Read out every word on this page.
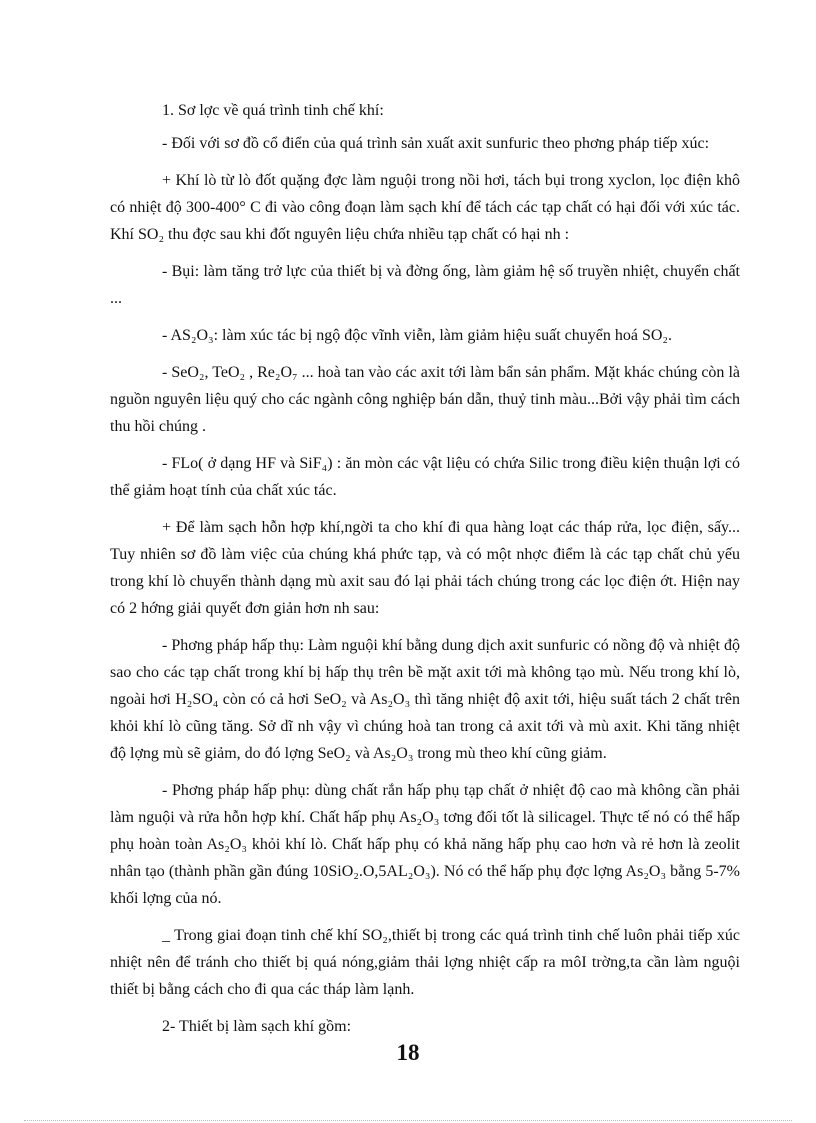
1. Sơ lợc về quá trình tinh chế khí:

- Đối với sơ đồ cổ điển của quá trình sản xuất axit sunfuric theo phơng pháp tiếp xúc:

+ Khí lò từ lò đốt quặng đợc làm nguội trong nồi hơi, tách bụi trong xyclon, lọc điện khô có nhiệt độ 300-400° C đi vào công đoạn làm sạch khí để tách các tạp chất có hại đối với xúc tác. Khí SO₂ thu đợc sau khi đốt nguyên liệu chứa nhiều tạp chất có hại nh :

- Bụi: làm tăng trở lực của thiết bị và đờng ống, làm giảm hệ số truyền nhiệt, chuyển chất ...

- AS₂O₃: làm xúc tác bị ngộ độc vĩnh viễn, làm giảm hiệu suất chuyển hoá SO₂.

- SeO₂, TeO₂ , Re₂O₇ ... hoà tan vào các axit tới làm bẩn sản phẩm. Mặt khác chúng còn là nguồn nguyên liệu quý cho các ngành công nghiệp bán dẫn, thuỷ tinh màu...Bởi vậy phải tìm cách thu hồi chúng .

- FLo( ở dạng HF và SiF₄) : ăn mòn các vật liệu có chứa Silic trong điều kiện thuận lợi có thể giảm hoạt tính của chất xúc tác.

+ Để làm sạch hỗn hợp khí,ngời ta cho khí đi qua hàng loạt các tháp rửa, lọc điện, sấy... Tuy nhiên sơ đồ làm việc của chúng khá phức tạp, và có một nhợc điểm là các tạp chất chủ yếu trong khí lò chuyển thành dạng mù axit sau đó lại phải tách chúng trong các lọc điện ớt. Hiện nay có 2 hớng giải quyết đơn giản hơn nh sau:

- Phơng pháp hấp thụ: Làm nguội khí bằng dung dịch axit sunfuric có nồng độ và nhiệt độ sao cho các tạp chất trong khí bị hấp thụ trên bề mặt axit tới mà không tạo mù. Nếu trong khí lò, ngoài hơi H₂SO₄ còn có cả hơi SeO₂ và As₂O₃ thì tăng nhiệt độ axit tới, hiệu suất tách 2 chất trên khỏi khí lò cũng tăng. Sở dĩ nh vậy vì chúng hoà tan trong cả axit tới và mù axit. Khi tăng nhiệt độ lợng mù sẽ giảm, do đó lợng SeO₂ và As₂O₃ trong mù theo khí cũng giảm.

- Phơng pháp hấp phụ: dùng chất rắn hấp phụ tạp chất ở nhiệt độ cao mà không cần phải làm nguội và rửa hỗn hợp khí. Chất hấp phụ As₂O₃ tơng đối tốt là silicagel. Thực tế nó có thể hấp phụ hoàn toàn As₂O₃ khỏi khí lò. Chất hấp phụ có khả năng hấp phụ cao hơn và rẻ hơn là zeolit nhân tạo (thành phần gần đúng 10SiO₂.O,5AL₂O₃). Nó có thể hấp phụ đợc lợng As₂O₃ bằng 5-7% khối lợng của nó.

_ Trong giai đoạn tinh chế khí SO₂,thiết bị trong các quá trình tinh chế luôn phải tiếp xúc nhiệt nên để tránh cho thiết bị quá nóng,giảm thải lợng nhiệt cấp ra môI trờng,ta cần làm nguội thiết bị bằng cách cho đi qua các tháp làm lạnh.

2- Thiết bị làm sạch khí gồm:

18
